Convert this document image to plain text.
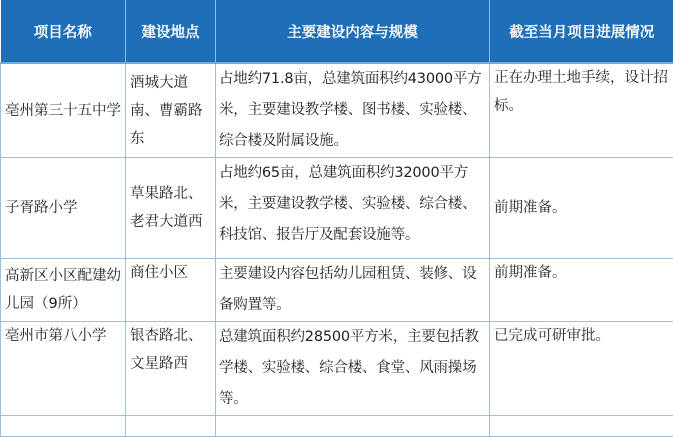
项目名称	建设地点	主要建设内容与规模	截至当月项目进展情况
亳州第三十五中学	酒城大道南、曹霸路东	占地约71.8亩，总建筑面积约43000平方米，主要建设教学楼、图书楼、实验楼、综合楼及附属设施。	正在办理土地手续，设计招标。
子胥路小学	草果路北、老君大道西	占地约65亩，总建筑面积约32000平方米，主要建设教学楼、实验楼、综合楼、科技馆、报告厅及配套设施等。	前期准备。
高新区小区配建幼儿园（9所）	商住小区	主要建设内容包括幼儿园租赁、装修、设备购置等。	前期准备。
亳州市第八小学	银杏路北、文星路西	总建筑面积约28500平方米，主要包括教学楼、实验楼、综合楼、食堂、风雨操场等。	已完成可研审批。
